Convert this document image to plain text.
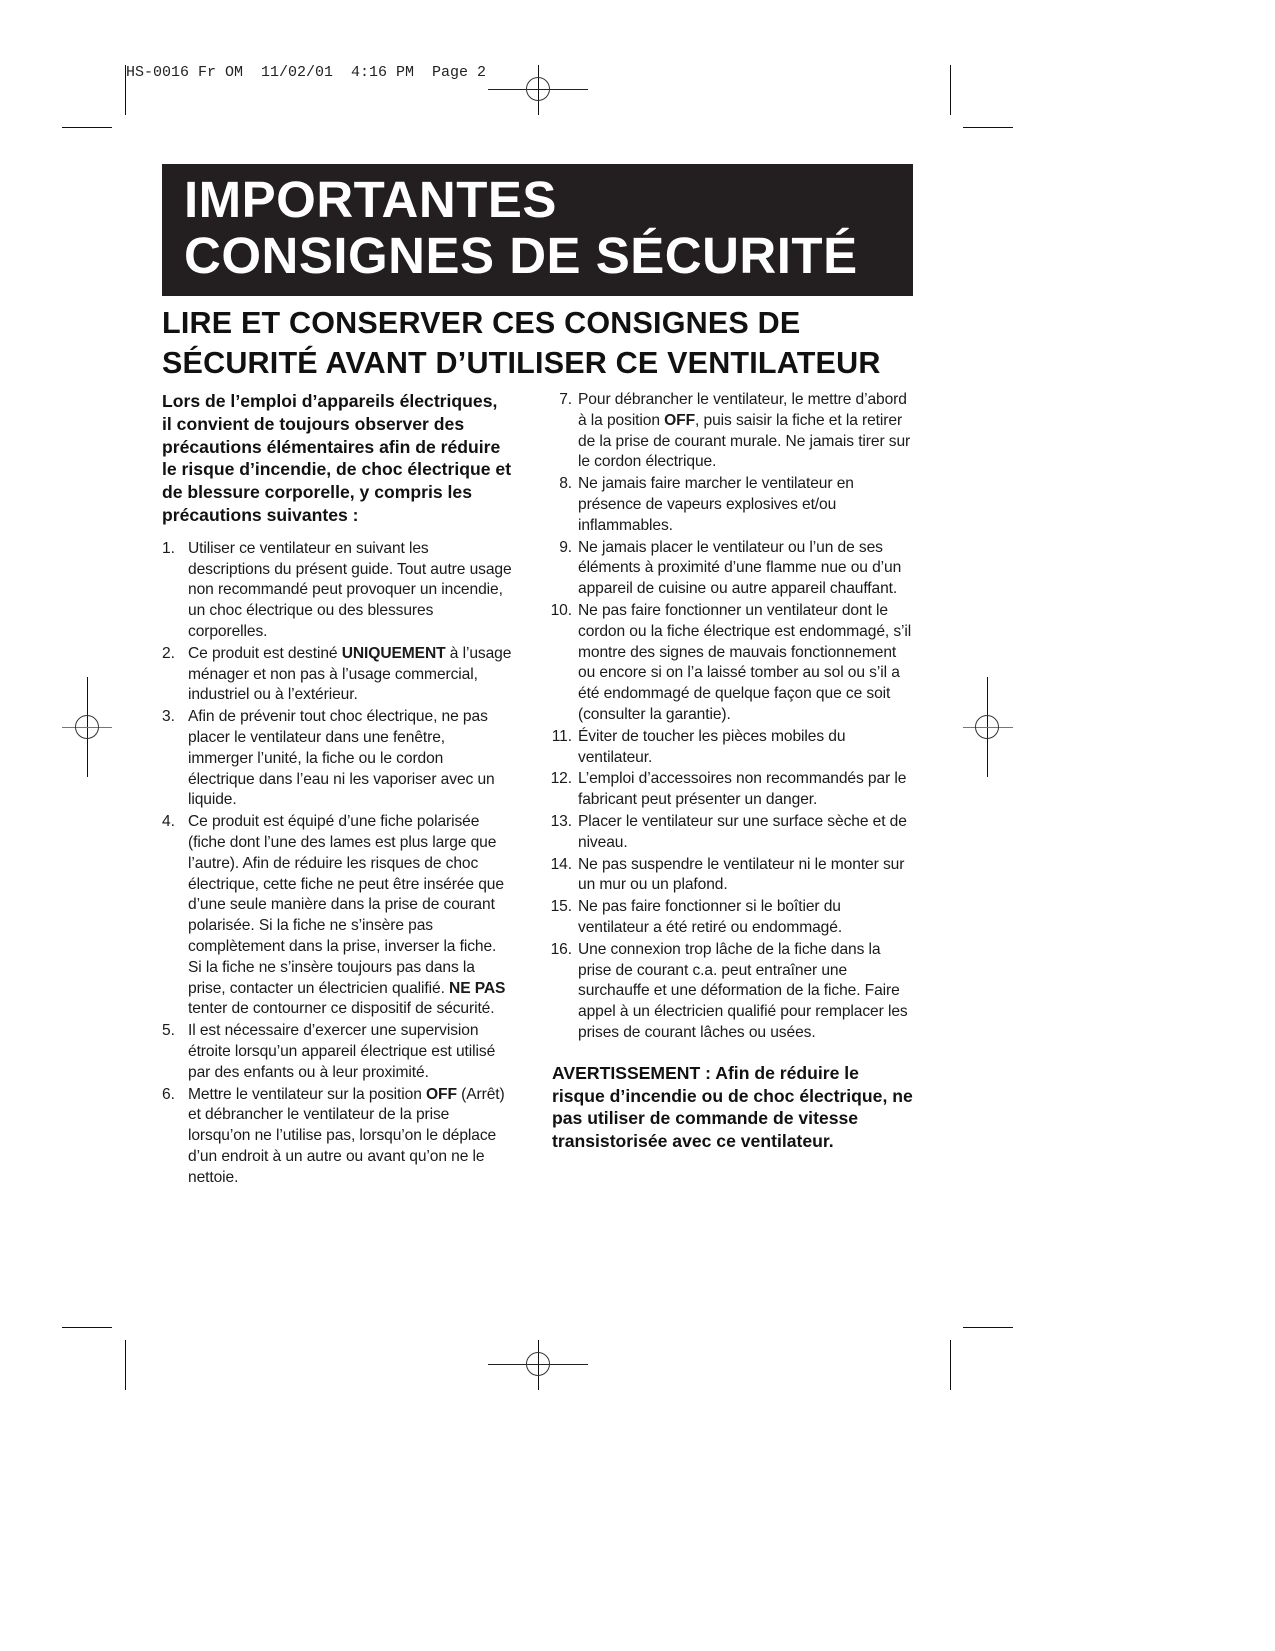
HS-0016 Fr OM  11/02/01  4:16 PM  Page 2
IMPORTANTES
CONSIGNES DE SÉCURITÉ
LIRE ET CONSERVER CES CONSIGNES DE
SÉCURITÉ AVANT D’UTILISER CE VENTILATEUR

Lors de l’emploi d’appareils électriques, il convient de toujours observer des précautions élémentaires afin de réduire le risque d’incendie, de choc électrique et de blessure corporelle, y compris les précautions suivantes :

1. Utiliser ce ventilateur en suivant les descriptions du présent guide. Tout autre usage non recommandé peut provoquer un incendie, un choc électrique ou des blessures corporelles.
2. Ce produit est destiné UNIQUEMENT à l’usage ménager et non pas à l’usage commercial, industriel ou à l’extérieur.
3. Afin de prévenir tout choc électrique, ne pas placer le ventilateur dans une fenêtre, immerger l’unité, la fiche ou le cordon électrique dans l’eau ni les vaporiser avec un liquide.
4. Ce produit est équipé d’une fiche polarisée (fiche dont l’une des lames est plus large que l’autre). Afin de réduire les risques de choc électrique, cette fiche ne peut être insérée que d’une seule manière dans la prise de courant polarisée. Si la fiche ne s’insère pas complètement dans la prise, inverser la fiche. Si la fiche ne s’insère toujours pas dans la prise, contacter un électricien qualifié. NE PAS tenter de contourner ce dispositif de sécurité.
5. Il est nécessaire d’exercer une supervision étroite lorsqu’un appareil électrique est utilisé par des enfants ou à leur proximité.
6. Mettre le ventilateur sur la position OFF (Arrêt) et débrancher le ventilateur de la prise lorsqu’on ne l’utilise pas, lorsqu’on le déplace d’un endroit à un autre ou avant qu’on ne le nettoie.
7. Pour débrancher le ventilateur, le mettre d’abord à la position OFF, puis saisir la fiche et la retirer de la prise de courant murale. Ne jamais tirer sur le cordon électrique.
8. Ne jamais faire marcher le ventilateur en présence de vapeurs explosives et/ou inflammables.
9. Ne jamais placer le ventilateur ou l’un de ses éléments à proximité d’une flamme nue ou d’un appareil de cuisine ou autre appareil chauffant.
10. Ne pas faire fonctionner un ventilateur dont le cordon ou la fiche électrique est endommagé, s’il montre des signes de mauvais fonctionnement ou encore si on l’a laissé tomber au sol ou s’il a été endommagé de quelque façon que ce soit (consulter la garantie).
11. Éviter de toucher les pièces mobiles du ventilateur.
12. L’emploi d’accessoires non recommandés par le fabricant peut présenter un danger.
13. Placer le ventilateur sur une surface sèche et de niveau.
14. Ne pas suspendre le ventilateur ni le monter sur un mur ou un plafond.
15. Ne pas faire fonctionner si le boîtier du ventilateur a été retiré ou endommagé.
16. Une connexion trop lâche de la fiche dans la prise de courant c.a. peut entraîner une surchauffe et une déformation de la fiche. Faire appel à un électricien qualifié pour remplacer les prises de courant lâches ou usées.

AVERTISSEMENT : Afin de réduire le risque d’incendie ou de choc électrique, ne pas utiliser de commande de vitesse transistorisée avec ce ventilateur.
